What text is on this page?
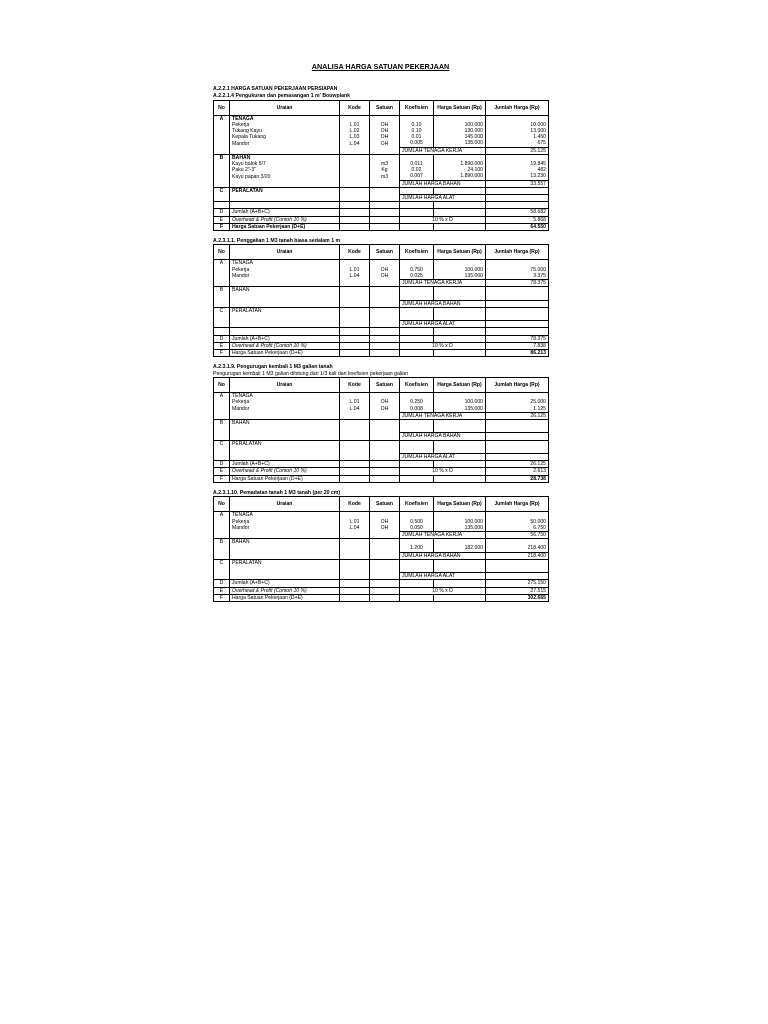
ANALISA HARGA SATUAN PEKERJAAN
A.2.2.1 HARGA SATUAN PEKERJAAN PERSIAPAN
A.2.2.1.4 Pengukuran dan pemasangan 1 m' Bouwplank
No	Uraian	Kode	Satuan	Koefisien	Harga Satuan (Rp)	Jumlah Harga (Rp)
A	TENAGA					
	Pekerja	L.01	OH	0.10	100.000	10.000
	Tukang Kayu	L.02	OH	0.10	130.000	13.000
	Kepala Tukang	L.03	OH	0.01	145.000	1.450
	Mandor	L.04	OH	0.005	135.000	675
				JUMLAH TENAGA KERJA		25.125
B	BAHAN					
	Kayu balok 5/7		m3	0.011	1.890.000	19.845
	Paku 2"-3"		Kg	0.02	24.100	482
	Kayu papan 3/20		m3	0.007	1.890.000	13.230
				JUMLAH HARGA BAHAN		33.557
C	PERALATAN					
				JUMLAH HARGA ALAT		

D	Jumlah (A+B+C)					58.682
E	Overhead & Profit (Contoh 10 %)			10 % x D		5.868
F	Harga Satuan Pekerjaan (D+E)					64.550
A.2.3.1.1. Penggalian 1 M3 tanah biasa sedalam 1 m
No	Uraian	Kode	Satuan	Koefisien	Harga Satuan (Rp)	Jumlah Harga (Rp)
A	TENAGA					
	Pekerja	L.01	OH	0.750	100.000	75.000
	Mandor	L.04	OH	0.025	135.000	3.375
				JUMLAH TENAGA KERJA		78.375
B	BAHAN					

				JUMLAH HARGA BAHAN		
C	PERALATAN					

				JUMLAH HARGA ALAT		

D	Jumlah (A+B+C)					78.375
E	Overhead & Profit (Contoh 10 %)			10 % x D		7.838
F	Harga Satuan Pekerjaan (D+E)					86.213
A.2.3.1.9. Pengurugan kembali 1 M3 galian tanah
Pengurugan kembali 1 M3 galian dihitung dari 1/3 kali dari koefisien pekerjaan galian
No	Uraian	Kode	Satuan	Koefisien	Harga Satuan (Rp)	Jumlah Harga (Rp)
A	TENAGA					
	Pekerja	L.01	OH	0.250	100.000	25.000
	Mandor	L.04	OH	0.008	135.000	1.125
				JUMLAH TENAGA KERJA		26.125
B	BAHAN					

				JUMLAH HARGA BAHAN		
C	PERALATAN					

				JUMLAH HARGA ALAT		
D	Jumlah (A+B+C)					26.125
E	Overhead & Profit (Contoh 10 %)			10 % x D		2.613
F	Harga Satuan Pekerjaan (D+E)					28.738
A.2.3.1.10. Pemadatan tanah 1 M3 tanah (per 20 cm)
No	Uraian	Kode	Satuan	Koefisien	Harga Satuan (Rp)	Jumlah Harga (Rp)
A	TENAGA					
	Pekerja	L.01	OH	0.500	100.000	50.000
	Mandor	L.04	OH	0.050	135.000	6.750
				JUMLAH TENAGA KERJA		56.750
B	BAHAN					
				1.200	182.000	218.400
				JUMLAH HARGA BAHAN		218.400
C	PERALATAN					

				JUMLAH HARGA ALAT		
D	Jumlah (A+B+C)					275.150
E	Overhead & Profit (Contoh 10 %)			10 % x D		27.515
F	Harga Satuan Pekerjaan (D+E)					302.665
